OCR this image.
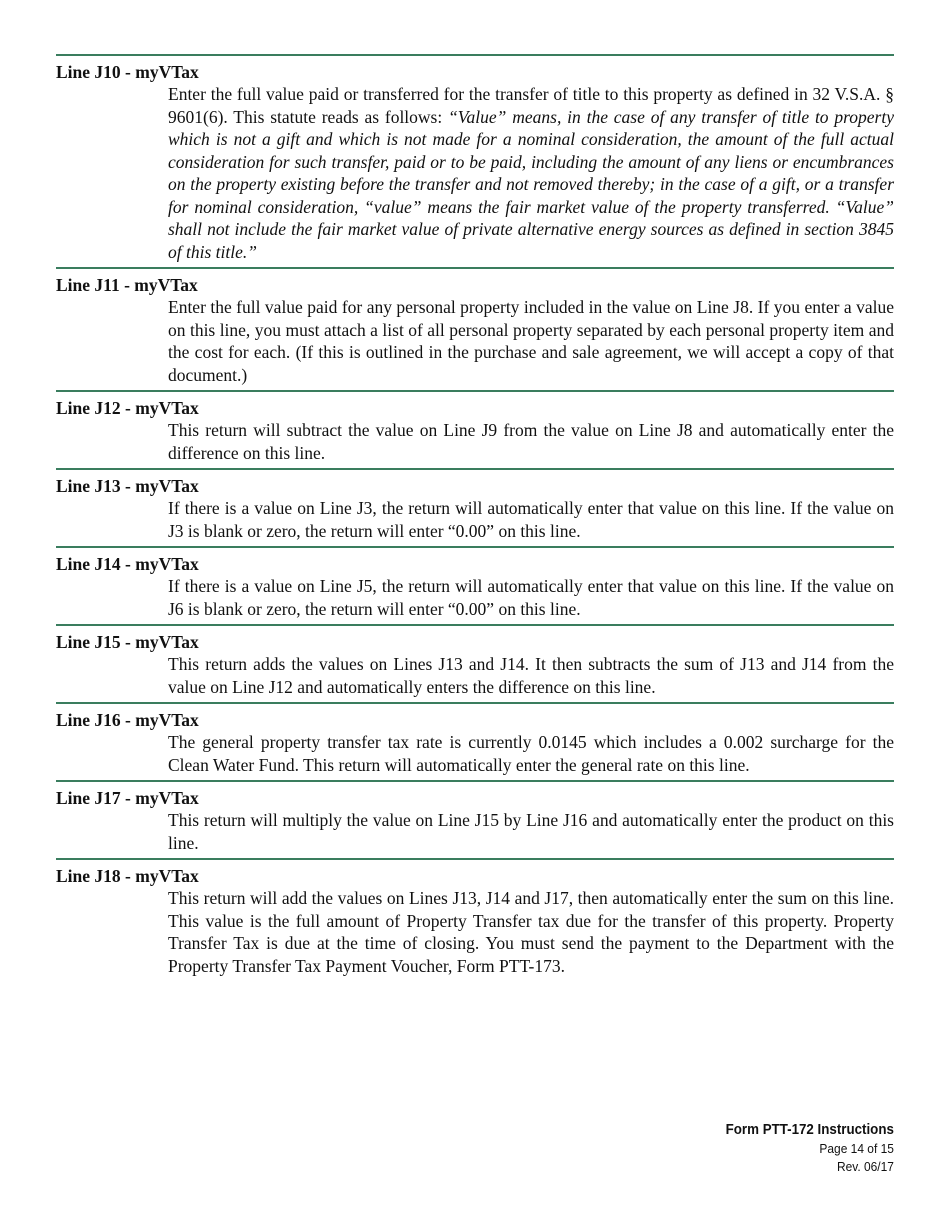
Line J10 - myVTax

Enter the full value paid or transferred for the transfer of title to this property as defined in 32 V.S.A. § 9601(6). This statute reads as follows: “Value” means, in the case of any transfer of title to property which is not a gift and which is not made for a nominal consideration, the amount of the full actual consideration for such transfer, paid or to be paid, including the amount of any liens or encumbrances on the property existing before the transfer and not removed thereby; in the case of a gift, or a transfer for nominal consideration, “value” means the fair market value of the property transferred. “Value” shall not include the fair market value of private alternative energy sources as defined in section 3845 of this title.”

Line J11 - myVTax

Enter the full value paid for any personal property included in the value on Line J8. If you enter a value on this line, you must attach a list of all personal property separated by each personal property item and the cost for each. (If this is outlined in the purchase and sale agreement, we will accept a copy of that document.)

Line J12 - myVTax

This return will subtract the value on Line J9 from the value on Line J8 and automatically enter the difference on this line.

Line J13 - myVTax

If there is a value on Line J3, the return will automatically enter that value on this line. If the value on J3 is blank or zero, the return will enter “0.00” on this line.

Line J14 - myVTax

If there is a value on Line J5, the return will automatically enter that value on this line. If the value on J6 is blank or zero, the return will enter “0.00” on this line.

Line J15 - myVTax

This return adds the values on Lines J13 and J14. It then subtracts the sum of J13 and J14 from the value on Line J12 and automatically enters the difference on this line.

Line J16 - myVTax

The general property transfer tax rate is currently 0.0145 which includes a 0.002 surcharge for the Clean Water Fund. This return will automatically enter the general rate on this line.

Line J17 - myVTax

This return will multiply the value on Line J15 by Line J16 and automatically enter the product on this line.

Line J18 - myVTax

This return will add the values on Lines J13, J14 and J17, then automatically enter the sum on this line. This value is the full amount of Property Transfer tax due for the transfer of this property. Property Transfer Tax is due at the time of closing. You must send the payment to the Department with the Property Transfer Tax Payment Voucher, Form PTT-173.

Form PTT-172 Instructions
Page 14 of 15
Rev. 06/17
